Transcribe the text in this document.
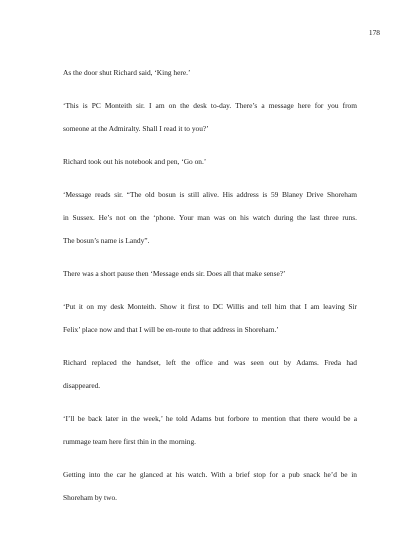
178
As the door shut Richard said, ‘King here.’
‘This is PC Monteith sir. I am on the desk to-day. There’s a message here for you from
someone at the Admiralty. Shall I read it to you?’
Richard took out his notebook and pen, ‘Go on.’
‘Message reads sir. “The old bosun is still alive. His address is 59 Blaney Drive Shoreham
in Sussex. He’s not on the ‘phone. Your man was on his watch during the last three runs.
The bosun’s name is Landy”.
There was a short pause then ‘Message ends sir. Does all that make sense?’
‘Put it on my desk Monteith. Show it first to DC Willis and tell him that I am leaving Sir
Felix’ place now and that I will be en-route to that address in Shoreham.’
Richard replaced the handset, left the office and was seen out by Adams. Freda had
disappeared.
‘I’ll be back later in the week,’ he told Adams but forbore to mention that there would be a
rummage team here first thin in the morning.
Getting into the car he glanced at his watch. With a brief stop for a pub snack he’d be in
Shoreham by two.
